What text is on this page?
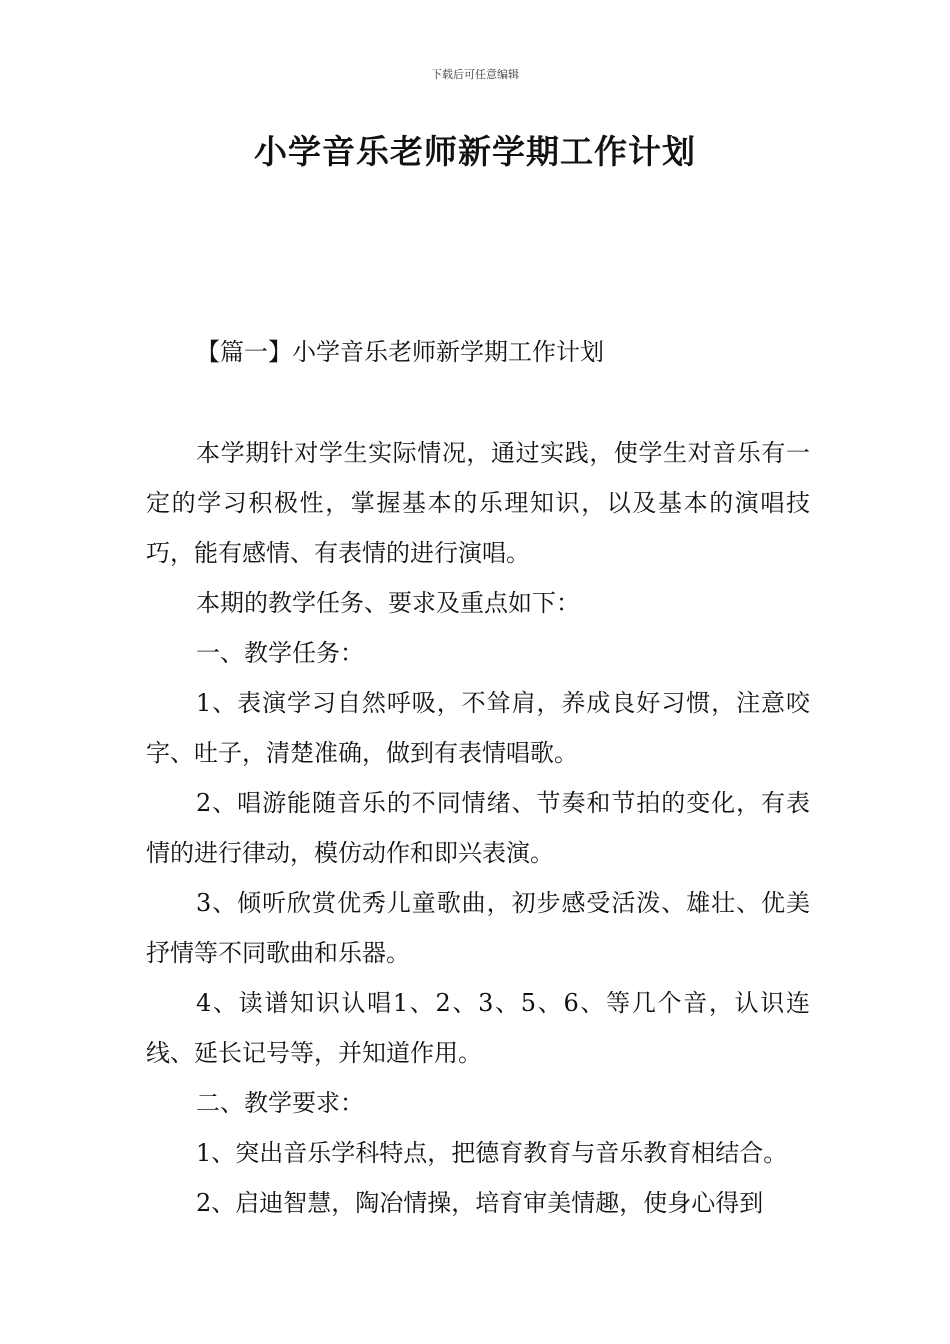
下载后可任意编辑
小学音乐老师新学期工作计划
【篇一】小学音乐老师新学期工作计划

本学期针对学生实际情况，通过实践，使学生对音乐有一定的学习积极性，掌握基本的乐理知识，以及基本的演唱技巧，能有感情、有表情的进行演唱。

本期的教学任务、要求及重点如下：

一、教学任务：

1、表演学习自然呼吸，不耸肩，养成良好习惯，注意咬字、吐子，清楚准确，做到有表情唱歌。

2、唱游能随音乐的不同情绪、节奏和节拍的变化，有表情的进行律动，模仿动作和即兴表演。

3、倾听欣赏优秀儿童歌曲，初步感受活泼、雄壮、优美抒情等不同歌曲和乐器。

4、读谱知识认唱1、2、3、5、6、等几个音，认识连线、延长记号等，并知道作用。

二、教学要求：

1、突出音乐学科特点，把德育教育与音乐教育相结合。

2、启迪智慧，陶冶情操，培育审美情趣，使身心得到
